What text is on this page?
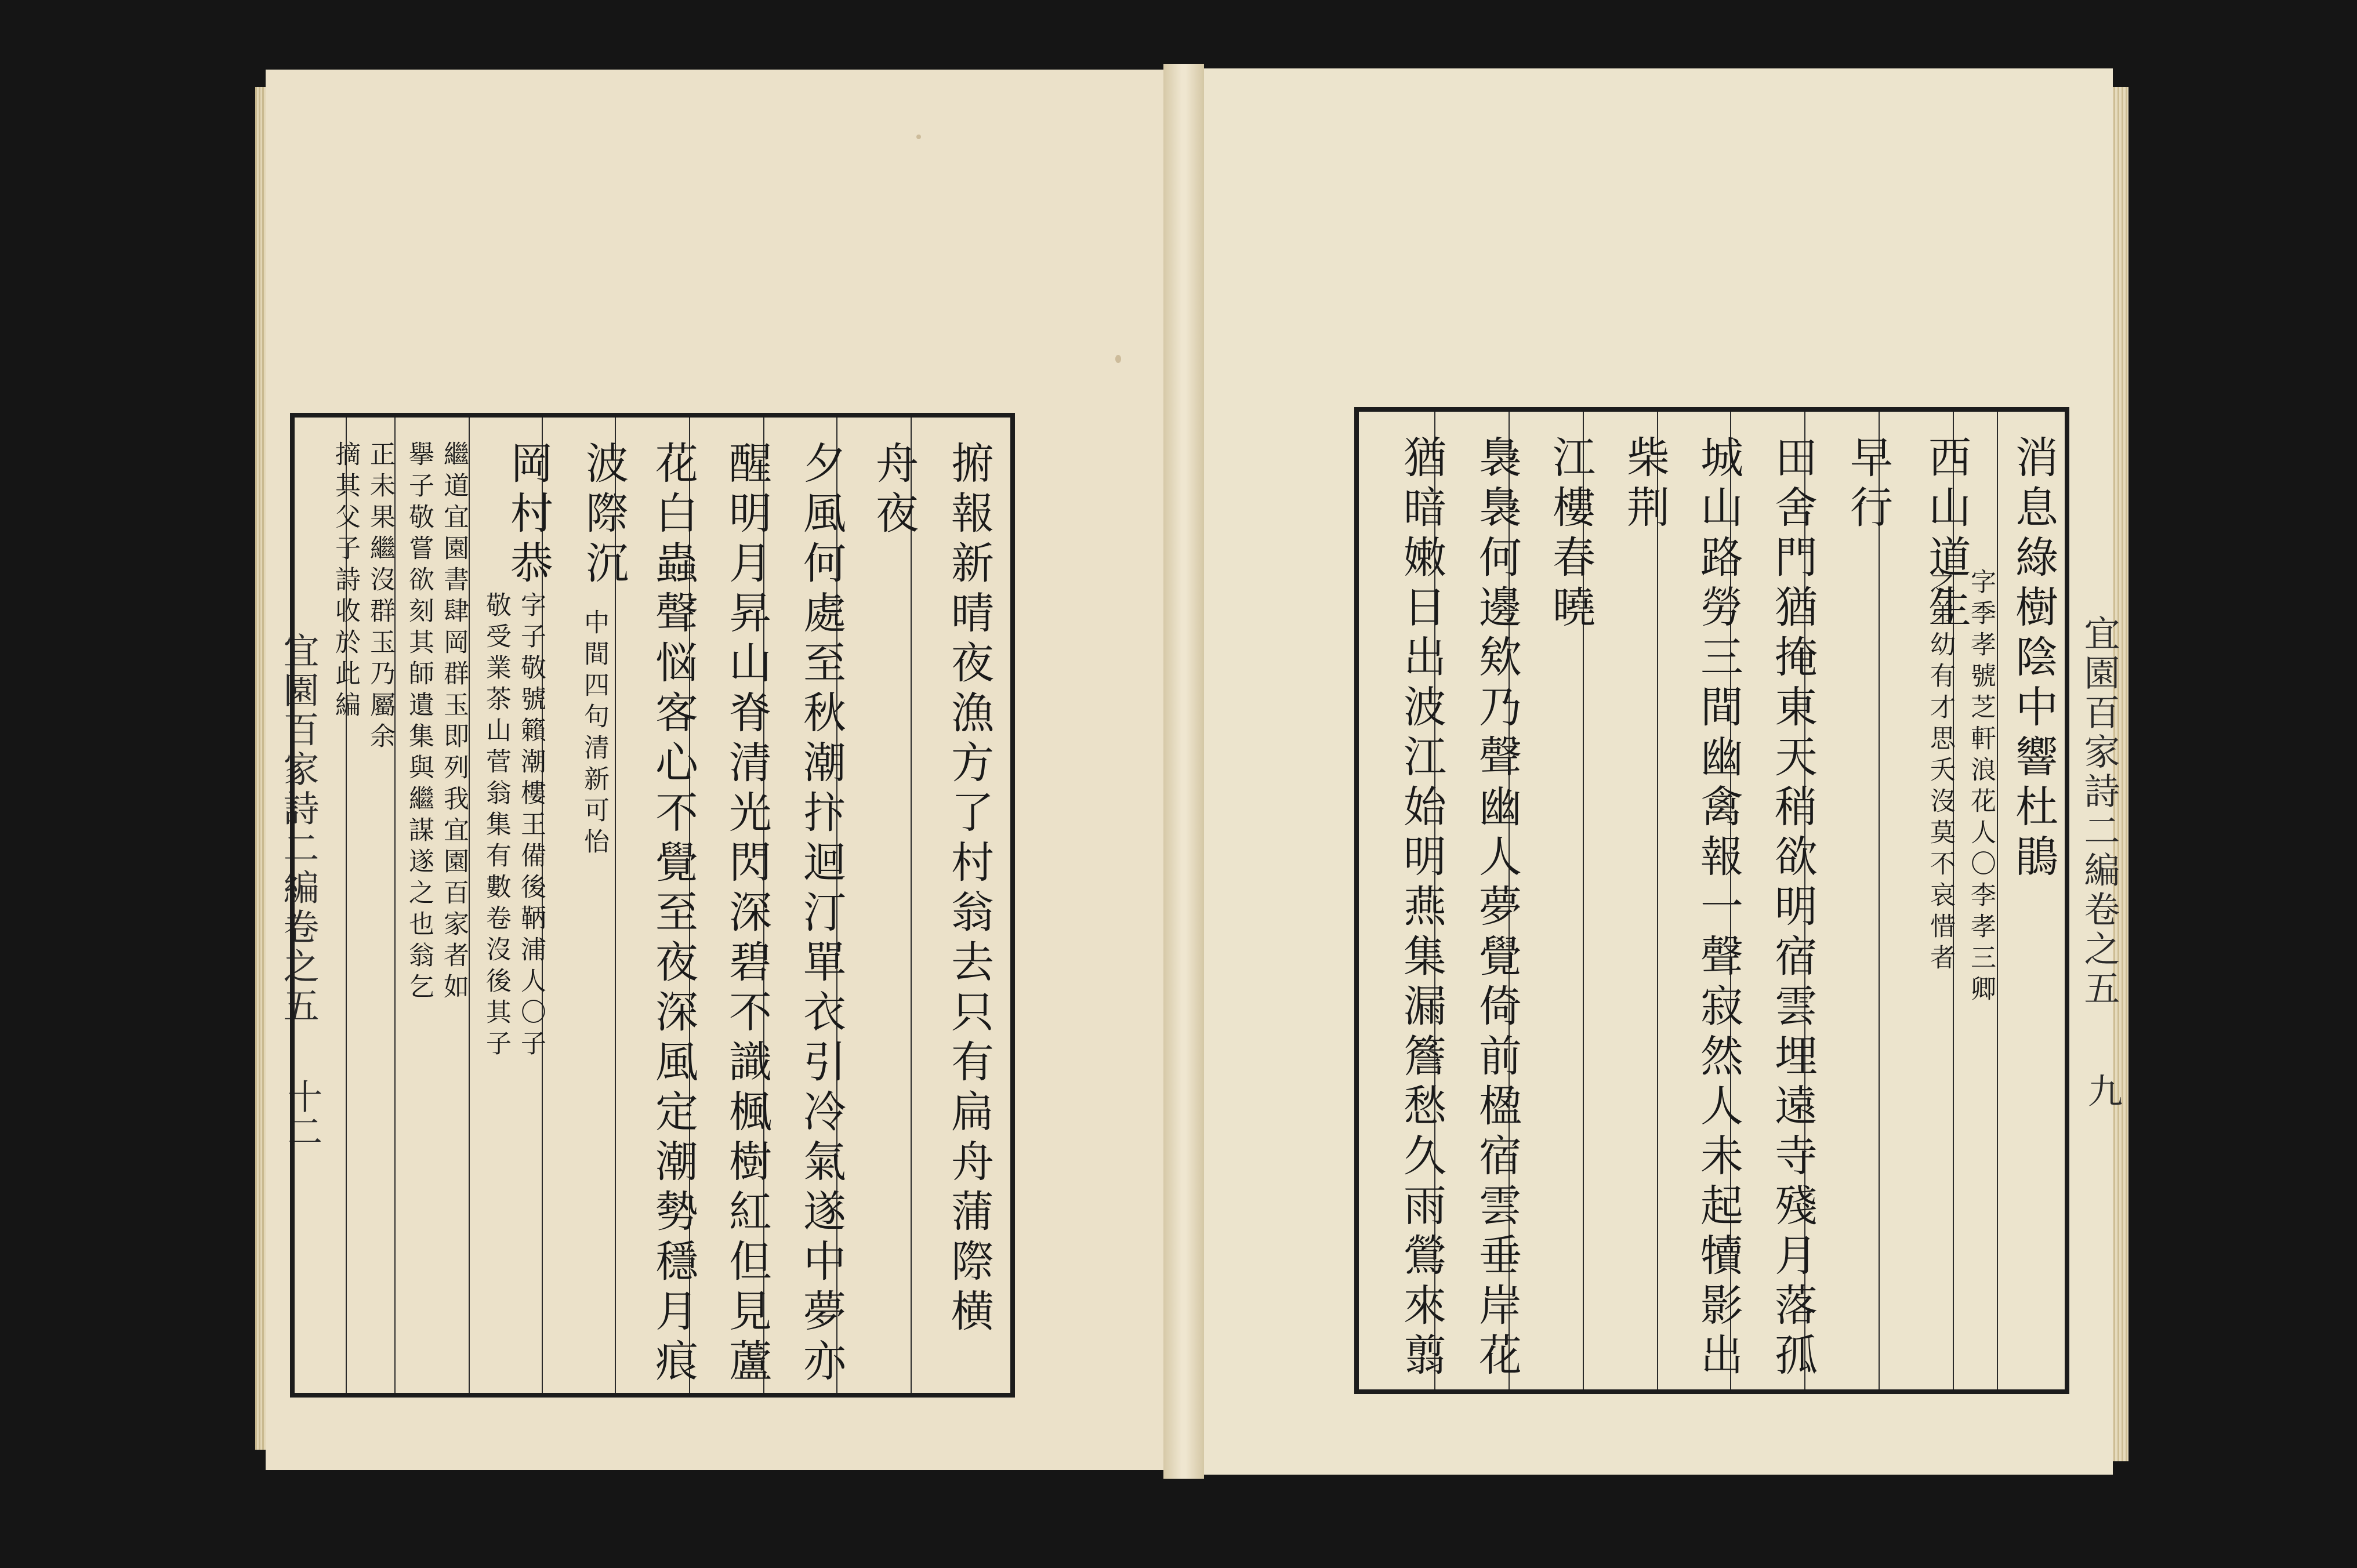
宜園百家詩二編卷之五
十二
宜園百家詩二編卷之五
九
捬報新晴夜漁方了村翁去只有扁舟蒲際横
舟夜
夕風何處至秋潮抃迴汀單衣引冷氣遂中夢亦
醒明月昇山脊清光閃深碧不識楓樹紅但見蘆
花白蟲聲悩客心不覺至夜深風定潮勢穩月痕
波際沉
中間四句清新可怡
岡村恭
字子敬號籟潮樓王備後鞆浦人〇子
敬受業茶山菅翁集有數卷沒後其子
繼道宜園書肆岡群玉即列我宜園百家者如
擧子敬嘗欲刻其師遺集與繼謀遂之也翁乞
正未果繼沒群玉乃屬余
摘其父子詩收於此編	消息綠樹陰中響杜鵑
西山道生
字季孝號芝軒浪花人〇李孝三卿
之弟幼有才思夭沒莫不哀惜者
早行
田舍門猶掩東天稍欲明宿雲埋遠寺殘月落孤
城山路勞三間幽禽報一聲寂然人未起犢影出
柴荆
江樓春曉
裊裊何邊欸乃聲幽人夢覺倚前楹宿雲垂岸花
猶暗嫩日出波江始明燕集漏簷愁久雨鶯來翦
